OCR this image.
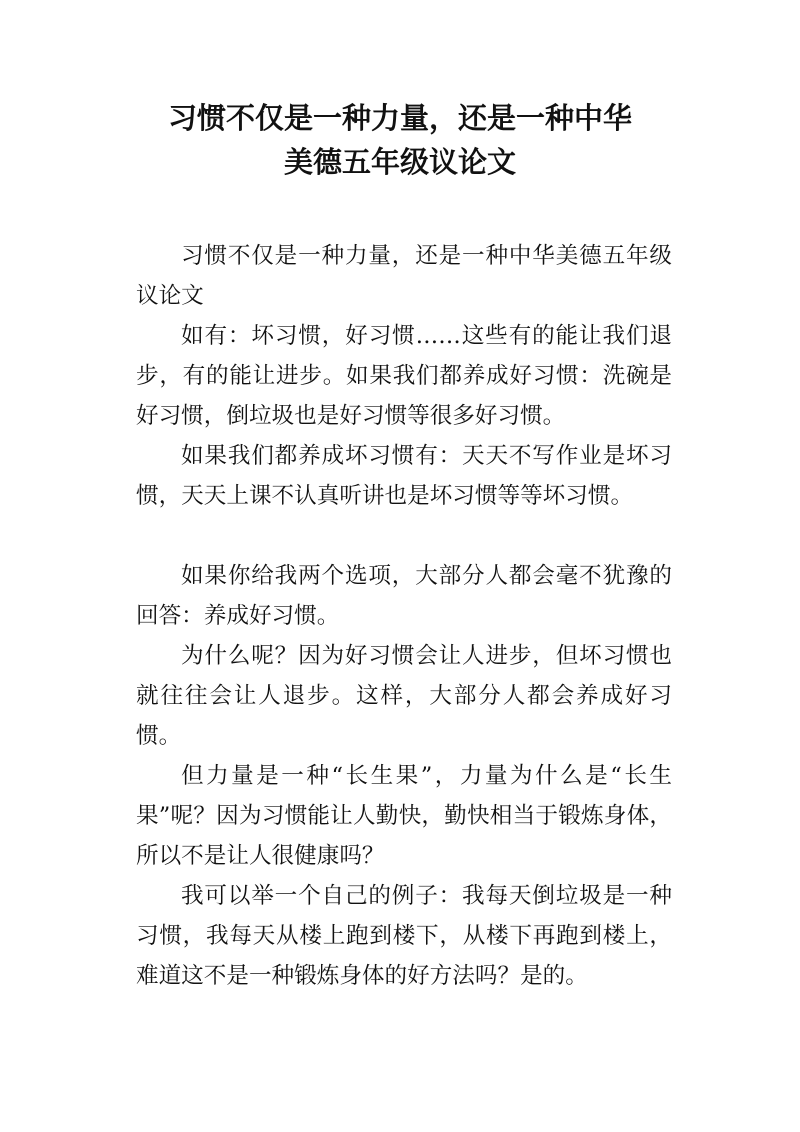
习惯不仅是一种力量，还是一种中华
美德五年级议论文

习惯不仅是一种力量，还是一种中华美德五年级议论文

如有：坏习惯，好习惯……这些有的能让我们退步，有的能让进步。如果我们都养成好习惯：洗碗是好习惯，倒垃圾也是好习惯等很多好习惯。

如果我们都养成坏习惯有：天天不写作业是坏习惯，天天上课不认真听讲也是坏习惯等等坏习惯。

如果你给我两个选项，大部分人都会毫不犹豫的回答：养成好习惯。

为什么呢？因为好习惯会让人进步，但坏习惯也就往往会让人退步。这样，大部分人都会养成好习惯。

但力量是一种“长生果”，力量为什么是“长生果”呢？因为习惯能让人勤快，勤快相当于锻炼身体，所以不是让人很健康吗？

我可以举一个自己的例子：我每天倒垃圾是一种习惯，我每天从楼上跑到楼下，从楼下再跑到楼上，难道这不是一种锻炼身体的好方法吗？是的。
